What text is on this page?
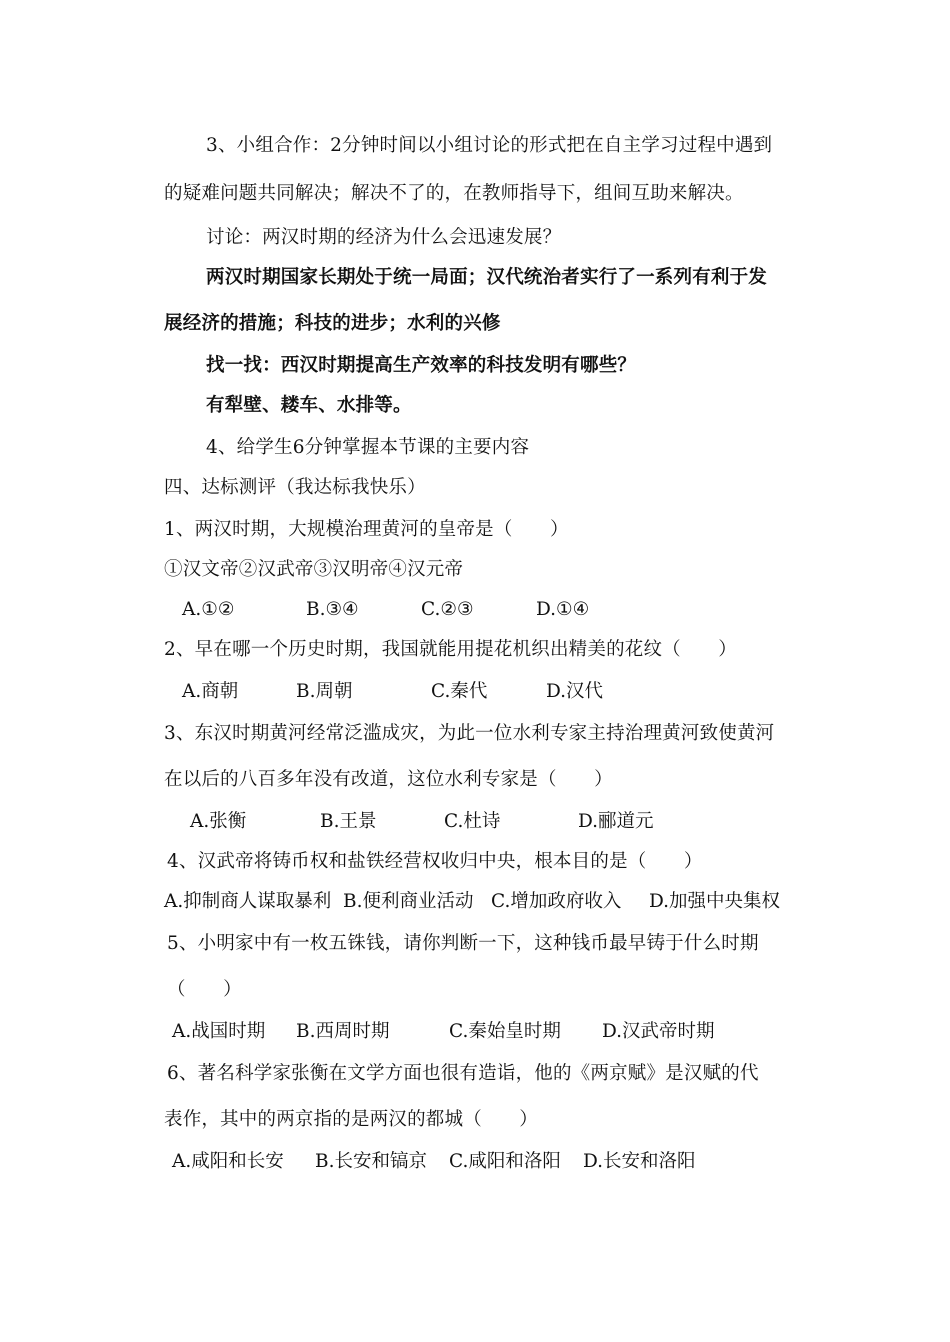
3、小组合作：2分钟时间以小组讨论的形式把在自主学习过程中遇到
的疑难问题共同解决；解决不了的，在教师指导下，组间互助来解决。
讨论：两汉时期的经济为什么会迅速发展？
两汉时期国家长期处于统一局面；汉代统治者实行了一系列有利于发
展经济的措施；科技的进步；水利的兴修
找一找：西汉时期提高生产效率的科技发明有哪些？
有犁壁、耧车、水排等。
4、给学生6分钟掌握本节课的主要内容
四、达标测评（我达标我快乐）
1、两汉时期，大规模治理黄河的皇帝是（　　）
①汉文帝②汉武帝③汉明帝④汉元帝
A.①②	B.③④	C.②③	D.①④
2、早在哪一个历史时期，我国就能用提花机织出精美的花纹（　　）
A.商朝	B.周朝	C.秦代	D.汉代
3、东汉时期黄河经常泛滥成灾，为此一位水利专家主持治理黄河致使黄河
在以后的八百多年没有改道，这位水利专家是（　　）
A.张衡	B.王景	C.杜诗	D.郦道元
4、汉武帝将铸币权和盐铁经营权收归中央，根本目的是（　　）
A.抑制商人谋取暴利 B.便利商业活动 C.增加政府收入 D.加强中央集权
5、小明家中有一枚五铢钱，请你判断一下，这种钱币最早铸于什么时期
（　　）
A.战国时期 B.西周时期	C.秦始皇时期 D.汉武帝时期
6、著名科学家张衡在文学方面也很有造诣，他的《两京赋》是汉赋的代
表作，其中的两京指的是两汉的都城（　　）
A.咸阳和长安 B.长安和镐京 C.咸阳和洛阳 D.长安和洛阳
